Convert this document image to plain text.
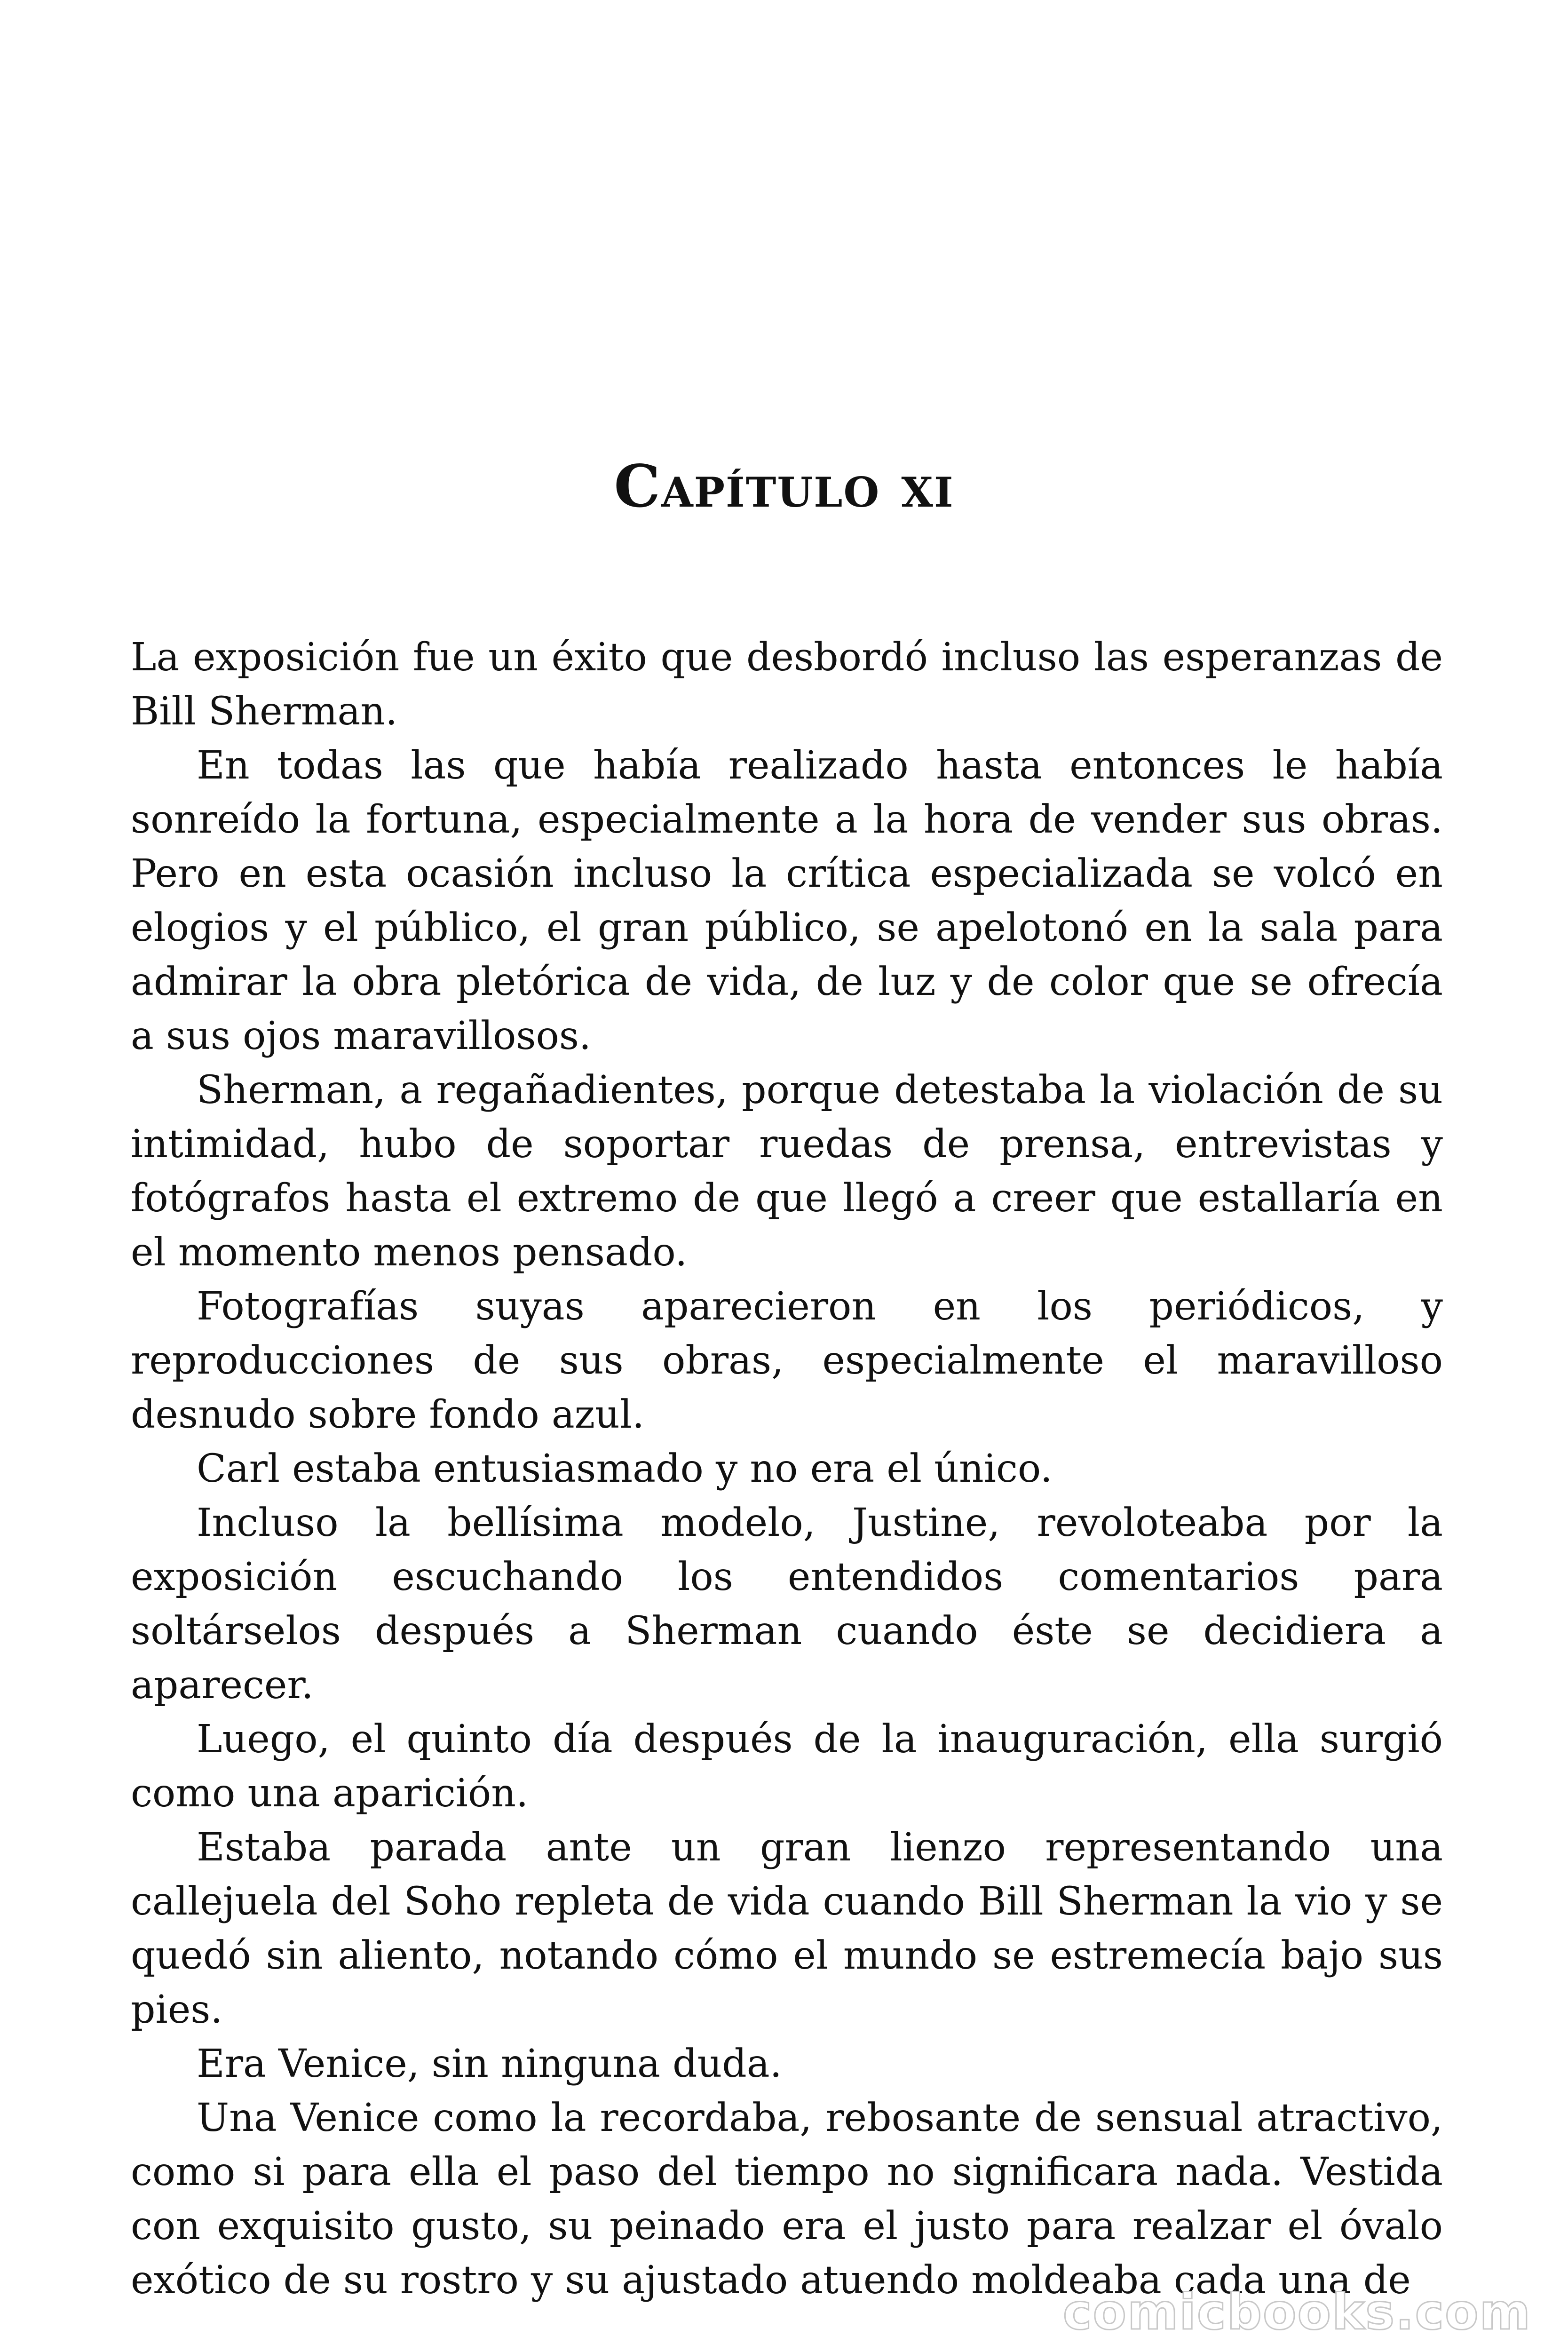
Capítulo xi

La exposición fue un éxito que desbordó incluso las esperanzas de Bill Sherman.

En todas las que había realizado hasta entonces le había sonreído la fortuna, especialmente a la hora de vender sus obras. Pero en esta ocasión incluso la crítica especializada se volcó en elogios y el público, el gran público, se apelotonó en la sala para admirar la obra pletórica de vida, de luz y de color que se ofrecía a sus ojos maravillosos.

Sherman, a regañadientes, porque detestaba la violación de su intimidad, hubo de soportar ruedas de prensa, entrevistas y fotógrafos hasta el extremo de que llegó a creer que estallaría en el momento menos pensado.

Fotografías suyas aparecieron en los periódicos, y reproducciones de sus obras, especialmente el maravilloso desnudo sobre fondo azul.

Carl estaba entusiasmado y no era el único.

Incluso la bellísima modelo, Justine, revoloteaba por la exposición escuchando los entendidos comentarios para soltárselos después a Sherman cuando éste se decidiera a aparecer.

Luego, el quinto día después de la inauguración, ella surgió como una aparición.

Estaba parada ante un gran lienzo representando una callejuela del Soho repleta de vida cuando Bill Sherman la vio y se quedó sin aliento, notando cómo el mundo se estremecía bajo sus pies.

Era Venice, sin ninguna duda.

Una Venice como la recordaba, rebosante de sensual atractivo, como si para ella el paso del tiempo no significara nada. Vestida con exquisito gusto, su peinado era el justo para realzar el óvalo exótico de su rostro y su ajustado atuendo moldeaba cada una de

comicbooks.com
